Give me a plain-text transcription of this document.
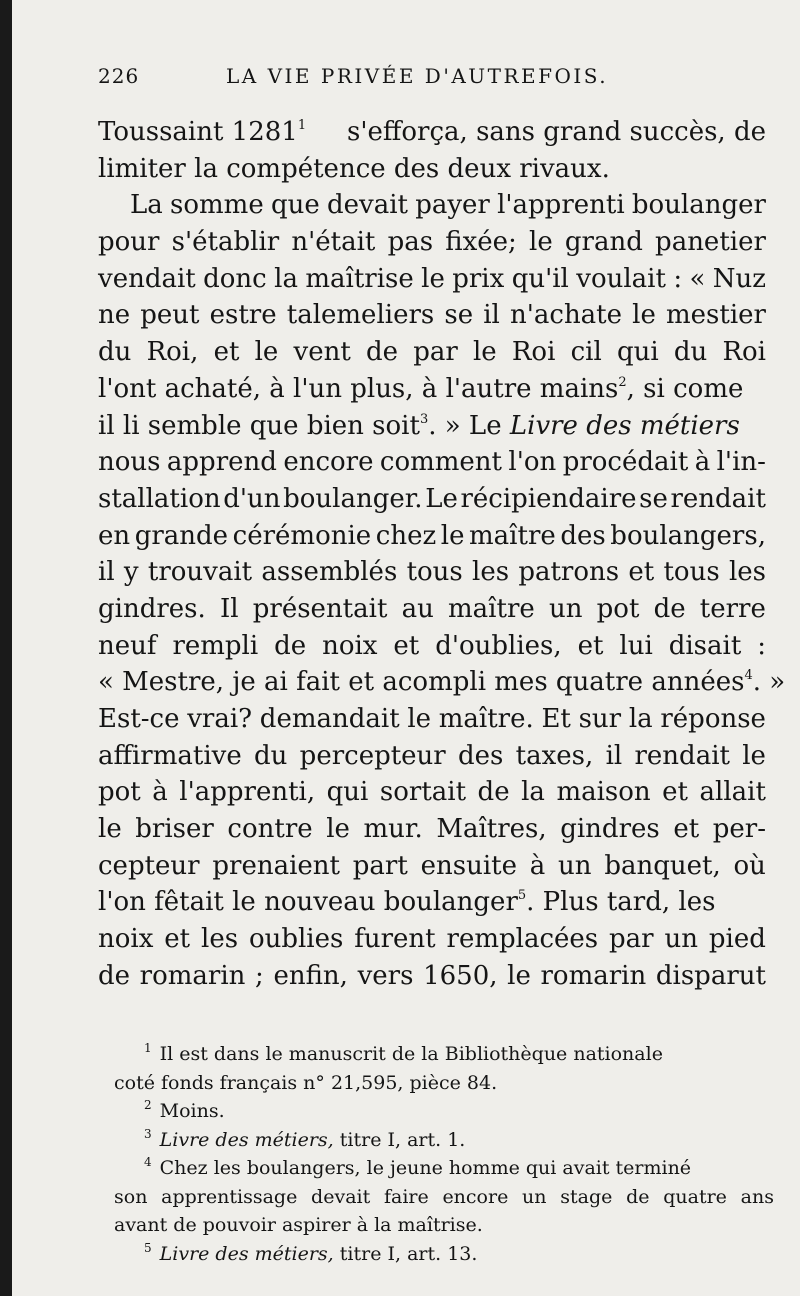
226	LA VIE PRIVÉE D'AUTREFOIS.
Toussaint 1281$^1$ s'efforça, sans grand succès, de
limiter la compétence des deux rivaux.
La somme que devait payer l'apprenti boulanger
pour s'établir n'était pas fixée; le grand panetier
vendait donc la maîtrise le prix qu'il voulait : « Nuz
ne peut estre talemeliers se il n'achate le mestier
du Roi, et le vent de par le Roi cil qui du Roi
l'ont achaté, à l'un plus, à l'autre mains$^2$, si come
il li semble que bien soit$^3$. » Le Livre des métiers
nous apprend encore comment l'on procédait à l'in-
stallation d'un boulanger. Le récipiendaire se rendait
en grande cérémonie chez le maître des boulangers,
il y trouvait assemblés tous les patrons et tous les
gindres. Il présentait au maître un pot de terre
neuf rempli de noix et d'oublies, et lui disait :
« Mestre, je ai fait et acompli mes quatre années$^4$. »
Est-ce vrai? demandait le maître. Et sur la réponse
affirmative du percepteur des taxes, il rendait le
pot à l'apprenti, qui sortait de la maison et allait
le briser contre le mur. Maîtres, gindres et per-
cepteur prenaient part ensuite à un banquet, où
l'on fêtait le nouveau boulanger$^5$. Plus tard, les
noix et les oublies furent remplacées par un pied
de romarin ; enfin, vers 1650, le romarin disparut
$^1$ Il est dans le manuscrit de la Bibliothèque nationale
coté fonds français n° 21,595, pièce 84.
$^2$ Moins.
$^3$ Livre des métiers, titre I, art. 1.
$^4$ Chez les boulangers, le jeune homme qui avait terminé
son apprentissage devait faire encore un stage de quatre ans
avant de pouvoir aspirer à la maîtrise.
$^5$ Livre des métiers, titre I, art. 13.
